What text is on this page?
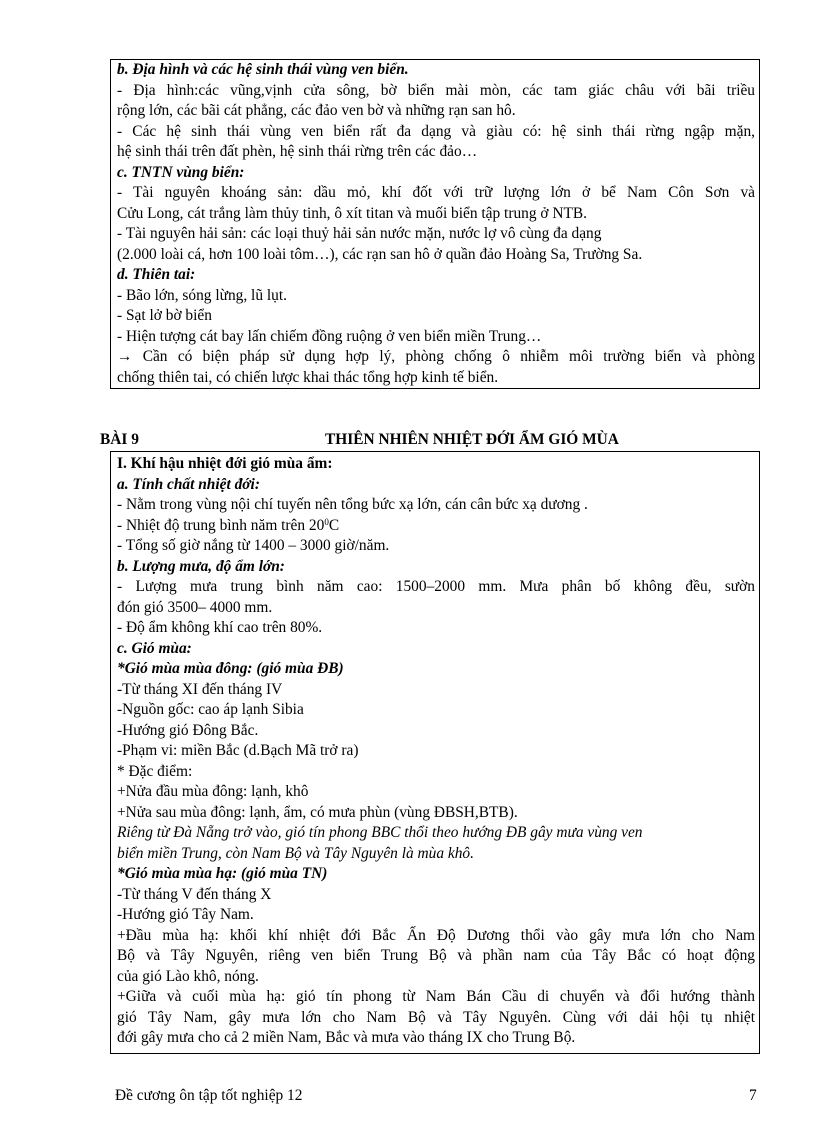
b. Địa hình và các hệ sinh thái vùng ven biển.
- Địa hình:các vũng,vịnh cửa sông, bờ biển mài mòn, các tam giác châu với bãi triều
rộng lớn, các bãi cát phẳng, các đảo ven bờ và những rạn san hô.
- Các hệ sinh thái vùng ven biển rất đa dạng và giàu có: hệ sinh thái rừng ngập mặn,
hệ sinh thái trên đất phèn, hệ sinh thái rừng trên các đảo…
c. TNTN vùng biển:
- Tài nguyên khoáng sản: dầu mỏ, khí đốt với trữ lượng lớn ở bể Nam Côn Sơn và
Cửu Long, cát trắng làm thủy tinh, ô xít titan và muối biển tập trung ở NTB.
- Tài nguyên hải sản: các loại thuỷ hải sản nước mặn, nước lợ vô cùng đa dạng
(2.000 loài cá, hơn 100 loài tôm…), các rạn san hô ở quần đảo Hoàng Sa, Trường Sa.
d. Thiên tai:
- Bão lớn, sóng lừng, lũ lụt.
- Sạt lở bờ biển
- Hiện tượng cát bay lấn chiếm đồng ruộng ở ven biển miền Trung…
→ Cần có biện pháp sử dụng hợp lý, phòng chống ô nhiễm môi trường biển và phòng
chống thiên tai, có chiến lược khai thác tổng hợp kinh tế biển.
BÀI 9	THIÊN NHIÊN NHIỆT ĐỚI ẨM GIÓ MÙA
I. Khí hậu nhiệt đới gió mùa ẩm:
a. Tính chất nhiệt đới:
- Nằm trong vùng nội chí tuyến nên tổng bức xạ lớn, cán cân bức xạ dương .
- Nhiệt độ trung bình năm trên $20^0C$
- Tổng số giờ nắng từ 1400 – 3000 giờ/năm.
b. Lượng mưa, độ ẩm lớn:
- Lượng mưa trung bình năm cao: 1500–2000 mm. Mưa phân bố không đều, sườn
đón gió 3500– 4000 mm.
- Độ ẩm không khí cao trên 80%.
c. Gió mùa:
*Gió mùa mùa đông: (gió mùa ĐB)
-Từ tháng XI đến tháng IV
-Nguồn gốc: cao áp lạnh Sibia
-Hướng gió Đông Bắc.
-Phạm vi: miền Bắc (d.Bạch Mã trở ra)
* Đặc điểm:
+Nửa đầu mùa đông: lạnh, khô
+Nửa sau mùa đông: lạnh, ẩm, có mưa phùn (vùng ĐBSH,BTB).
Riêng từ Đà Nẵng trở vào, gió tín phong BBC thổi theo hướng ĐB gây mưa vùng ven
biển miền Trung, còn Nam Bộ và Tây Nguyên là mùa khô.
*Gió mùa mùa hạ: (gió mùa TN)
-Từ tháng V đến tháng X
-Hướng gió Tây Nam.
+Đầu mùa hạ: khối khí nhiệt đới Bắc Ấn Độ Dương thổi vào gây mưa lớn cho Nam
Bộ và Tây Nguyên, riêng ven biển Trung Bộ và phần nam của Tây Bắc có hoạt động
của gió Lào khô, nóng.
+Giữa và cuối mùa hạ: gió tín phong từ Nam Bán Cầu di chuyển và đổi hướng thành
gió Tây Nam, gây mưa lớn cho Nam Bộ và Tây Nguyên. Cùng với dải hội tụ nhiệt
đới gây mưa cho cả 2 miền Nam, Bắc và mưa vào tháng IX cho Trung Bộ.
Đề cương ôn tập tốt nghiệp 12	7
